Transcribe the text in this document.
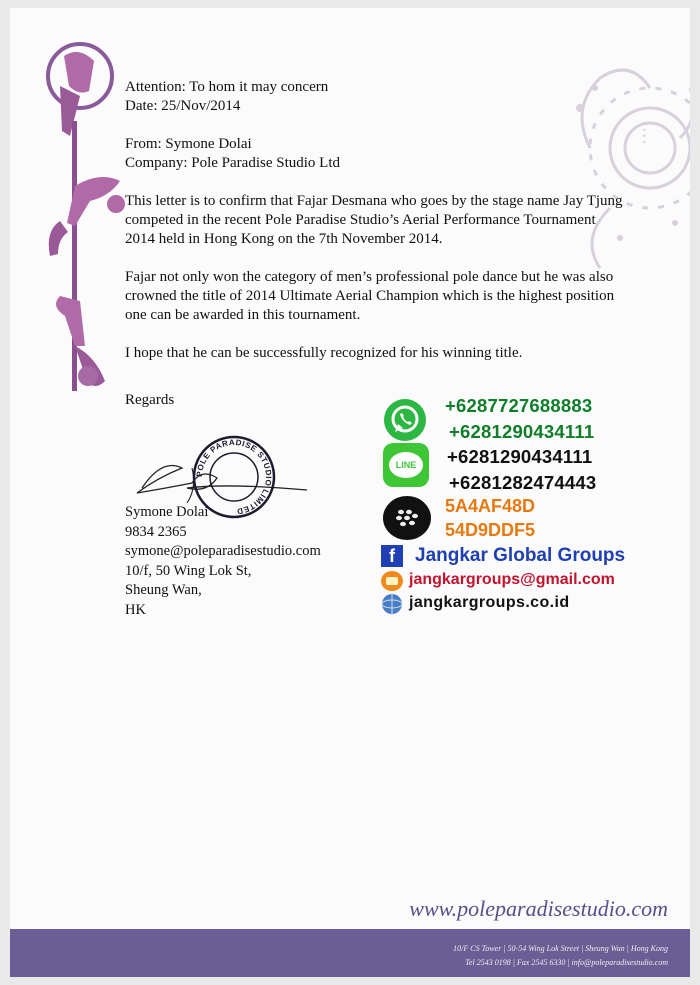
• • •

Attention: To hom it may concern

Date: 25/Nov/2014

From: Symone Dolai

Company: Pole Paradise Studio Ltd

This letter is to confirm that Fajar Desmana who goes by the stage name Jay Tjung

competed in the recent Pole Paradise Studio’s Aerial Performance Tournament

2014 held in Hong Kong on the 7th November 2014.

Fajar not only won the category of men’s professional pole dance but he was also

crowned the title of 2014 Ultimate Aerial Champion which is the highest position

one can be awarded in this tournament.

I hope that he can be successfully recognized for his winning title.

Regards

POLE PARADISE STUDIO LIMITED

Symone Dolai

9834 2365

symone@poleparadisestudio.com

10/f, 50 Wing Lok St,

Sheung Wan,

HK

+6287727688883
+6281290434111
LINE	+6281290434111
+6281282474443
5A4AF48D
54D9DDF5
f	Jangkar Global Groups
jangkargroups@gmail.com
jangkargroups.co.id
www.poleparadisestudio.com
10/F CS Tower | 50-54 Wing Lok Street | Sheung Wan | Hong Kong
Tel 2543 0198 | Fax 2545 6330 | info@poleparadisestudio.com
